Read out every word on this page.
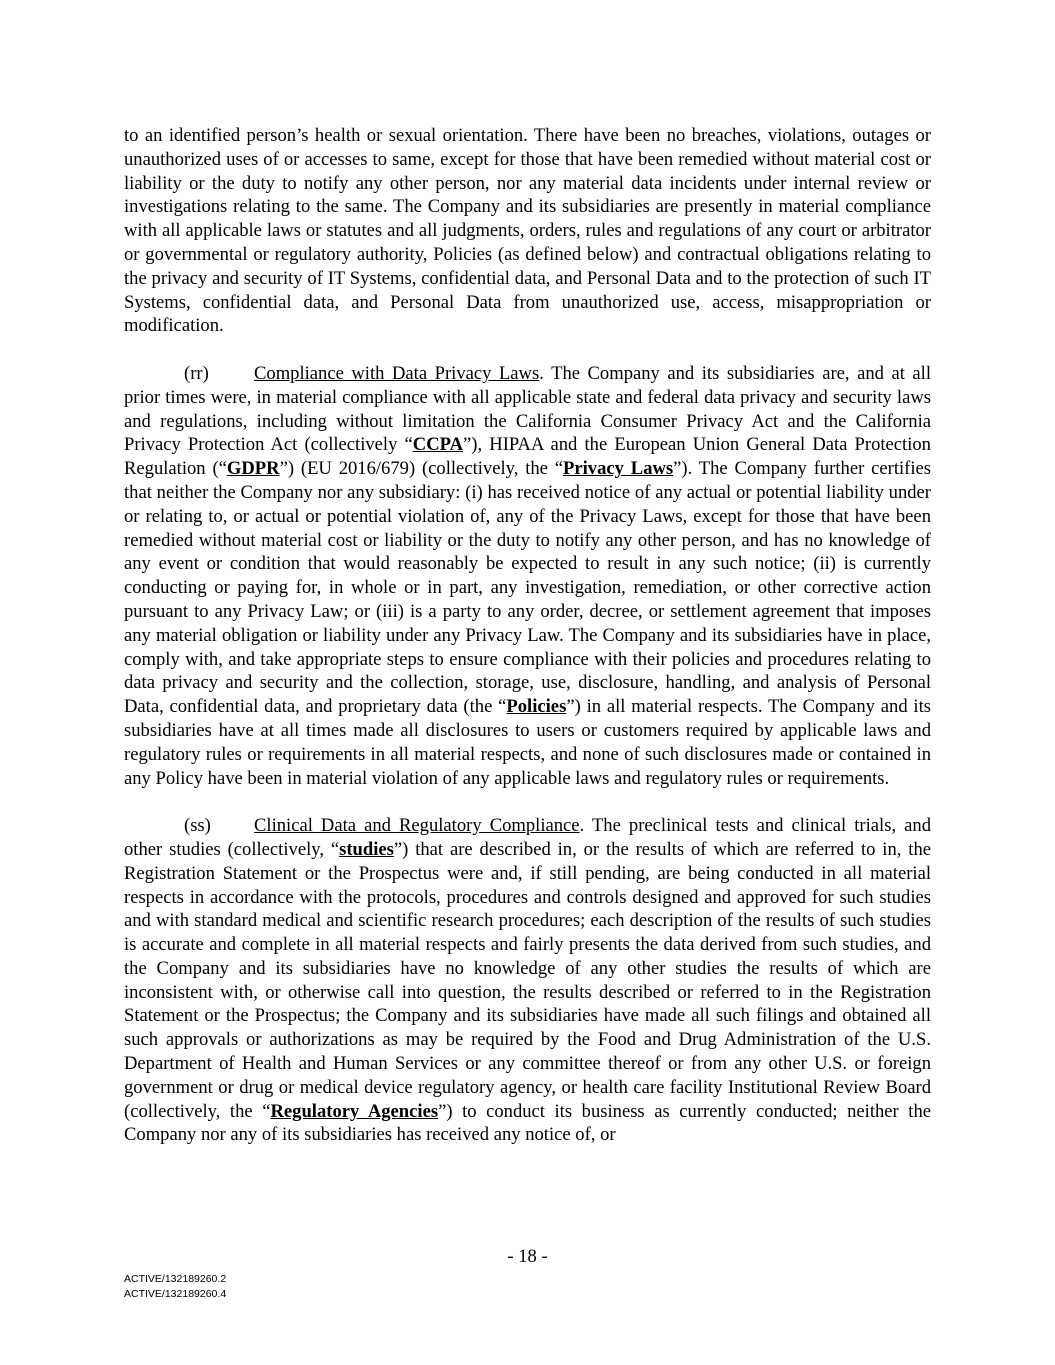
to an identified person’s health or sexual orientation. There have been no breaches, violations, outages or unauthorized uses of or accesses to same, except for those that have been remedied without material cost or liability or the duty to notify any other person, nor any material data incidents under internal review or investigations relating to the same. The Company and its subsidiaries are presently in material compliance with all applicable laws or statutes and all judgments, orders, rules and regulations of any court or arbitrator or governmental or regulatory authority, Policies (as defined below) and contractual obligations relating to the privacy and security of IT Systems, confidential data, and Personal Data and to the protection of such IT Systems, confidential data, and Personal Data from unauthorized use, access, misappropriation or modification.

(rr) Compliance with Data Privacy Laws. The Company and its subsidiaries are, and at all prior times were, in material compliance with all applicable state and federal data privacy and security laws and regulations, including without limitation the California Consumer Privacy Act and the California Privacy Protection Act (collectively “CCPA”), HIPAA and the European Union General Data Protection Regulation (“GDPR”) (EU 2016/679) (collectively, the “Privacy Laws”). The Company further certifies that neither the Company nor any subsidiary: (i) has received notice of any actual or potential liability under or relating to, or actual or potential violation of, any of the Privacy Laws, except for those that have been remedied without material cost or liability or the duty to notify any other person, and has no knowledge of any event or condition that would reasonably be expected to result in any such notice; (ii) is currently conducting or paying for, in whole or in part, any investigation, remediation, or other corrective action pursuant to any Privacy Law; or (iii) is a party to any order, decree, or settlement agreement that imposes any material obligation or liability under any Privacy Law. The Company and its subsidiaries have in place, comply with, and take appropriate steps to ensure compliance with their policies and procedures relating to data privacy and security and the collection, storage, use, disclosure, handling, and analysis of Personal Data, confidential data, and proprietary data (the “Policies”) in all material respects. The Company and its subsidiaries have at all times made all disclosures to users or customers required by applicable laws and regulatory rules or requirements in all material respects, and none of such disclosures made or contained in any Policy have been in material violation of any applicable laws and regulatory rules or requirements.

(ss) Clinical Data and Regulatory Compliance. The preclinical tests and clinical trials, and other studies (collectively, “studies”) that are described in, or the results of which are referred to in, the Registration Statement or the Prospectus were and, if still pending, are being conducted in all material respects in accordance with the protocols, procedures and controls designed and approved for such studies and with standard medical and scientific research procedures; each description of the results of such studies is accurate and complete in all material respects and fairly presents the data derived from such studies, and the Company and its subsidiaries have no knowledge of any other studies the results of which are inconsistent with, or otherwise call into question, the results described or referred to in the Registration Statement or the Prospectus; the Company and its subsidiaries have made all such filings and obtained all such approvals or authorizations as may be required by the Food and Drug Administration of the U.S. Department of Health and Human Services or any committee thereof or from any other U.S. or foreign government or drug or medical device regulatory agency, or health care facility Institutional Review Board (collectively, the “Regulatory Agencies”) to conduct its business as currently conducted; neither the Company nor any of its subsidiaries has received any notice of, or

- 18 -
ACTIVE/132189260.2
ACTIVE/132189260.4
